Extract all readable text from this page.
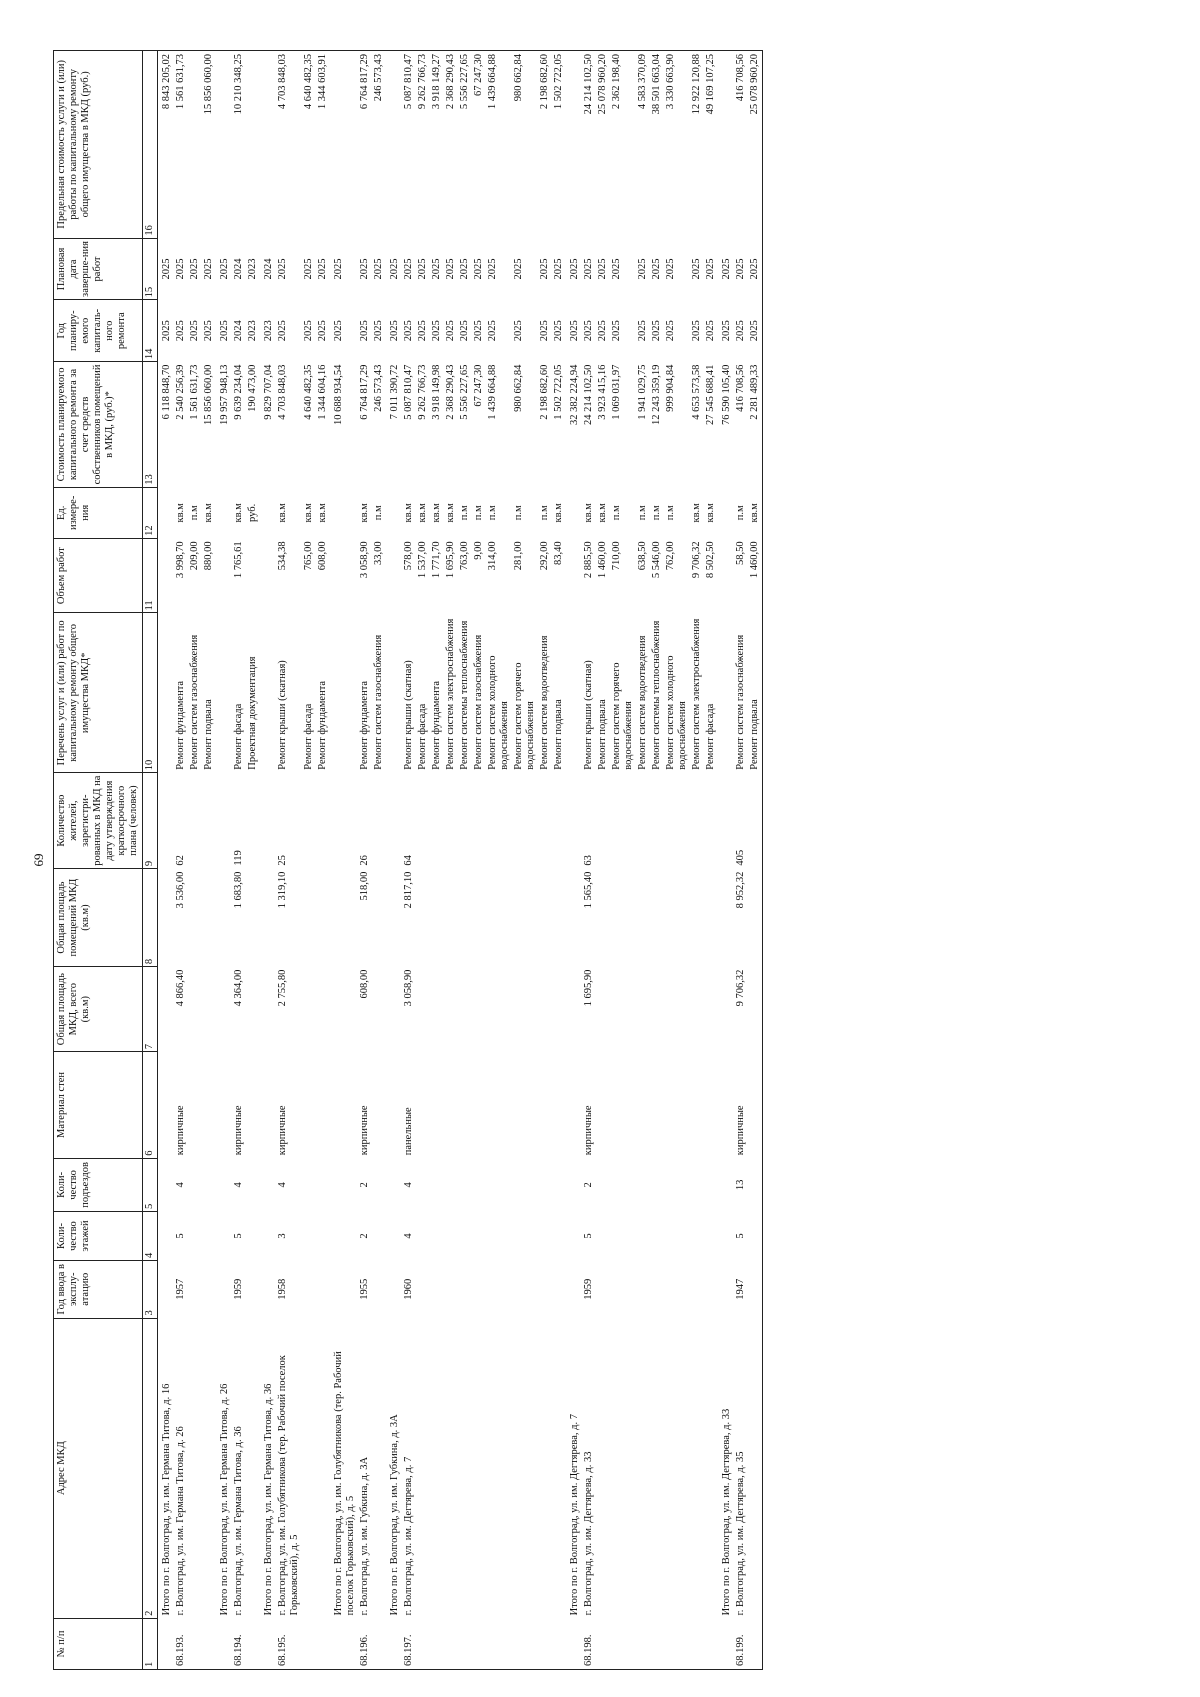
69
№ п/п	Адрес МКД	Год ввода в эксплу-атацию	Коли-чество этажей	Коли-чество подъездов	Материал стен	Общая площадь МКД, всего (кв.м)	Общая площадь помещений МКД (кв.м)	Количество жителей, зарегистри-рованных в МКД на дату утверждения краткосрочного плана (человек)	Перечень услуг и (или) работ по капитальному ремонту общего имущества МКД*	Объем работ	Ед. измере-ния	Стоимость планируемого капитального ремонта за счет средств собственников помещений в МКД, (руб.)*	Год планиру-емого капиталь-ного ремонта	Плановая дата заверше-ния работ	Предельная стоимость услуги и (или) работы по капитальному ремонту общего имущества в МКД (руб.)
1	2	3	4	5	6	7	8	9	10	11	12	13	14	15	16
	Итого по г. Волгоград, ул. им. Германа Титова, д. 16											6 118 848,70	2025	2025	8 843 205,02
68.193.	г. Волгоград, ул. им. Германа Титова, д. 26	1957	5	4	кирпичные	4 866,40	3 536,00	62	Ремонт фундамента	3 998,70	кв.м	2 540 256,39	2025	2025	1 561 631,73
									Ремонт систем газоснабжения	209,00	п.м	1 561 631,73	2025	2025	
									Ремонт подвала	880,00	кв.м	15 856 060,00	2025	2025	15 856 060,00
	Итого по г. Волгоград, ул. им. Германа Титова, д. 26											19 957 948,13	2025	2025	
68.194.	г. Волгоград, ул. им. Германа Титова, д. 36	1959	5	4	кирпичные	4 364,00	1 683,80	119	Ремонт фасада	1 765,61	кв.м	9 639 234,04	2024	2024	10 210 348,25
									Проектная документация		руб.	190 473,00	2023	2023	
	Итого по г. Волгоград, ул. им. Германа Титова, д. 36											9 829 707,04	2023	2024	
68.195.	г. Волгоград, ул. им. Голубятникова (тер. Рабочий поселок Горьковский), д. 5	1958	3	4	кирпичные	2 755,80	1 319,10	25	Ремонт крыши (скатная)	534,38	кв.м	4 703 848,03	2025	2025	4 703 848,03
									Ремонт фасада	765,00	кв.м	4 640 482,35	2025	2025	4 640 482,35
									Ремонт фундамента	608,00	кв.м	1 344 604,16	2025	2025	1 344 603,91
	Итого по г. Волгоград, ул. им. Голубятникова (тер. Рабочий поселок Горьковский), д. 5											10 688 934,54	2025	2025	
68.196.	г. Волгоград, ул. им. Губкина, д. 3А	1955	2	2	кирпичные	608,00	518,00	26	Ремонт фундамента	3 058,90	кв.м	6 764 817,29	2025	2025	6 764 817,29
									Ремонт систем газоснабжения	33,00	п.м	246 573,43	2025	2025	246 573,43
	Итого по г. Волгоград, ул. им. Губкина, д. 3А											7 011 390,72	2025	2025	
68.197.	г. Волгоград, ул. им. Дегтярева, д. 7	1960	4	4	панельные	3 058,90	2 817,10	64	Ремонт крыши (скатная)	578,00	кв.м	5 087 810,47	2025	2025	5 087 810,47
									Ремонт фасада	1 537,00	кв.м	9 262 766,73	2025	2025	9 262 766,73
									Ремонт фундамента	1 771,70	кв.м	3 918 149,98	2025	2025	3 918 149,27
									Ремонт систем электроснабжения	1 695,90	кв.м	2 368 290,43	2025	2025	2 368 290,43
									Ремонт системы теплоснабжения	763,00	п.м	5 556 227,65	2025	2025	5 556 227,65
									Ремонт систем газоснабжения	9,00	п.м	67 247,30	2025	2025	67 247,30
									Ремонт систем холодного водоснабжения	314,00	п.м	1 439 664,88	2025	2025	1 439 664,88
									Ремонт систем горячего водоснабжения	281,00	п.м	980 662,84	2025	2025	980 662,84
									Ремонт систем водоотведения	292,00	п.м	2 198 682,60	2025	2025	2 198 682,60
									Ремонт подвала	83,40	кв.м	1 502 722,05	2025	2025	1 502 722,05
	Итого по г. Волгоград, ул. им. Дегтярева, д. 7											32 382 224,94	2025	2025	
68.198.	г. Волгоград, ул. им. Дегтярева, д. 33	1959	5	2	кирпичные	1 695,90	1 565,40	63	Ремонт крыши (скатная)	2 885,50	кв.м	24 214 102,50	2025	2025	24 214 102,50
									Ремонт подвала	1 460,00	кв.м	3 923 415,16	2025	2025	25 078 960,20
									Ремонт систем горячего водоснабжения	710,00	п.м	1 069 031,97	2025	2025	2 362 198,40
									Ремонт систем водоотведения	638,50	п.м	1 941 029,75	2025	2025	4 583 370,09
									Ремонт системы теплоснабжения	5 546,00	п.м	12 243 359,19	2025	2025	38 501 663,04
									Ремонт систем холодного водоснабжения	762,00	п.м	999 904,84	2025	2025	3 330 663,90
									Ремонт систем электроснабжения	9 706,32	кв.м	4 653 573,58	2025	2025	12 922 120,88
									Ремонт фасада	8 502,50	кв.м	27 545 688,41	2025	2025	49 169 107,25
	Итого по г. Волгоград, ул. им. Дегтярева, д. 33											76 590 105,40	2025	2025	
68.199.	г. Волгоград, ул. им. Дегтярева, д. 35	1947	5	13	кирпичные	9 706,32	8 952,32	405	Ремонт систем газоснабжения	58,50	п.м	416 708,56	2025	2025	416 708,56
									Ремонт подвала	1 460,00	кв.м	2 281 489,33	2025	2025	25 078 960,20
